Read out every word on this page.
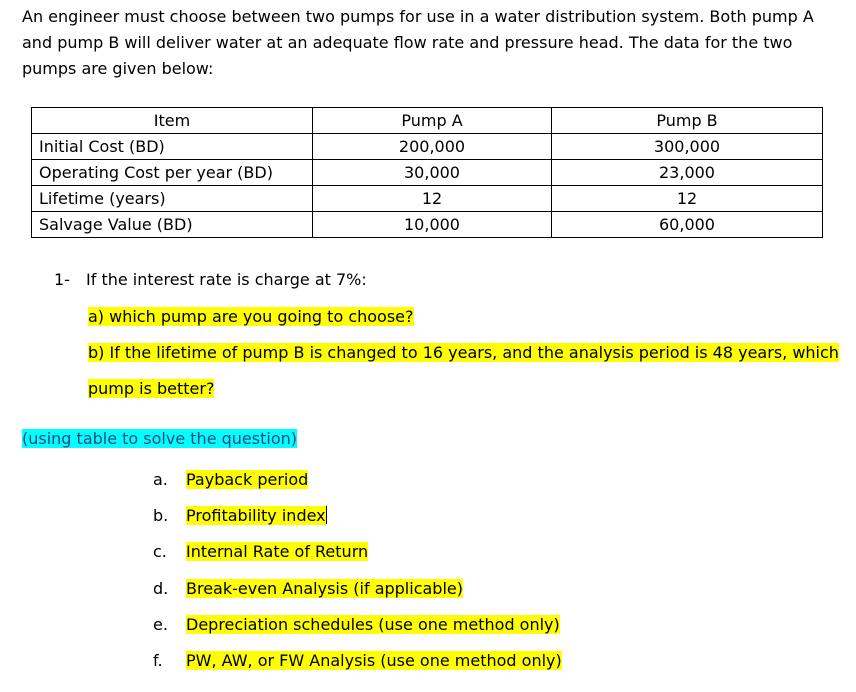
An engineer must choose between two pumps for use in a water distribution system. Both pump A and pump B will deliver water at an adequate flow rate and pressure head. The data for the two pumps are given below:

Item	Pump A	Pump B
Initial Cost (BD)	200,000	300,000
Operating Cost per year (BD)	30,000	23,000
Lifetime (years)	12	12
Salvage Value (BD)	10,000	60,000
1- If the interest rate is charge at 7%:
a) which pump are you going to choose?
b) If the lifetime of pump B is changed to 16 years, and the analysis period is 48 years, which
pump is better?
(using table to solve the question)
a. Payback period
b. Profitability index
c. Internal Rate of Return
d. Break-even Analysis (if applicable)
e. Depreciation schedules (use one method only)
f. PW, AW, or FW Analysis (use one method only)
